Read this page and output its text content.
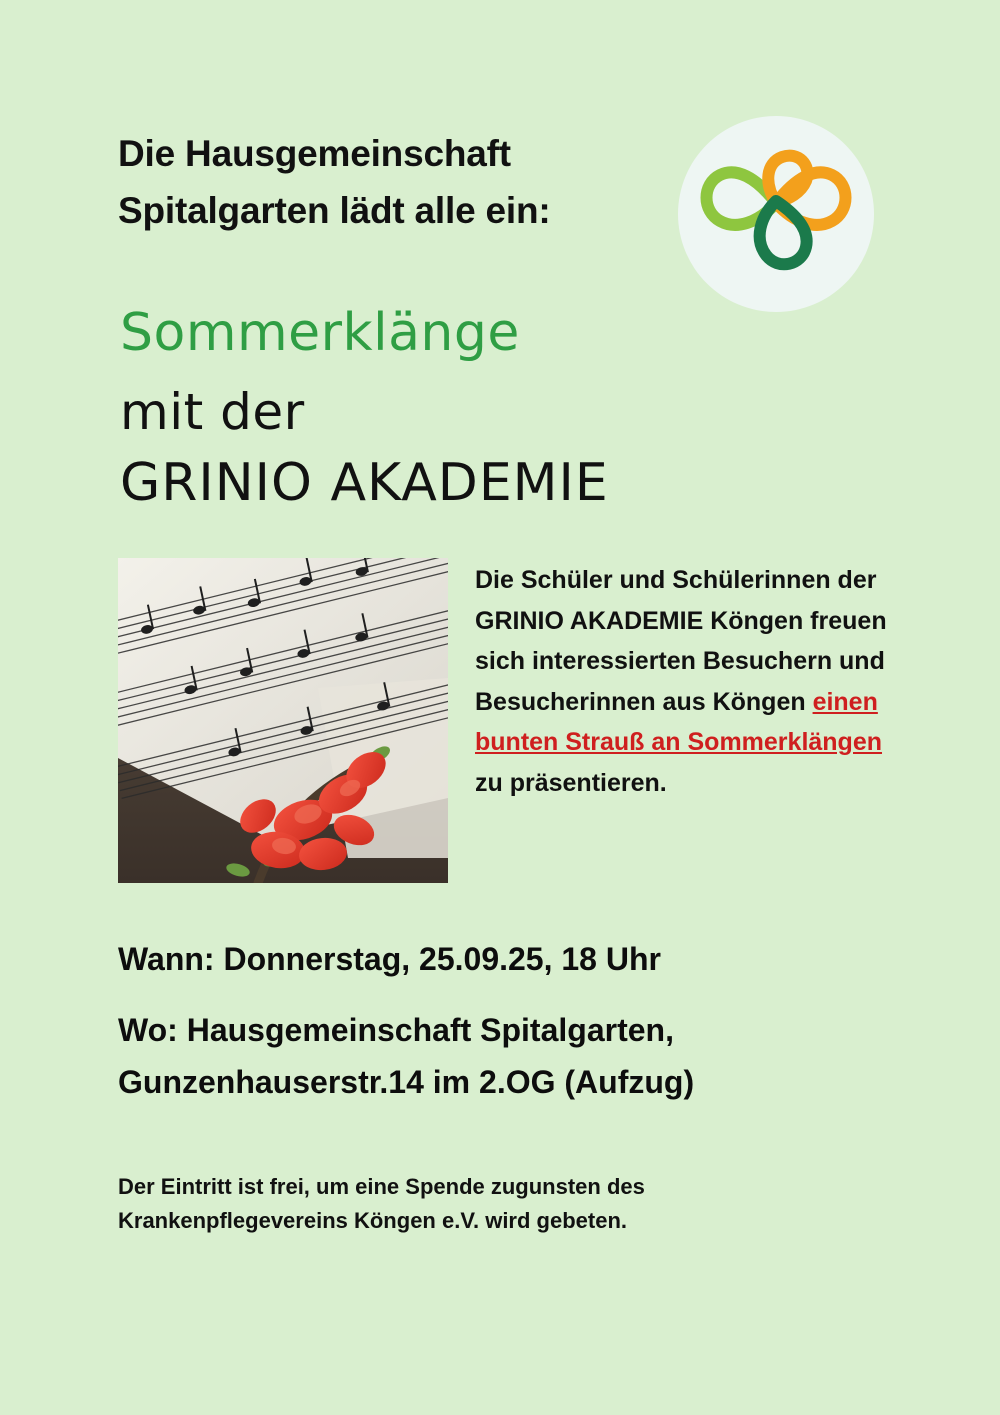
Die Hausgemeinschaft
Spitalgarten lädt alle ein:
Sommerklänge
mit der
GRINIO AKADEMIE
Die Schüler und Schülerinnen der GRINIO AKADEMIE Köngen freuen sich interessierten Besuchern und Besucherinnen aus Köngen einen bunten Strauß an Sommerklängen zu präsentieren.
Wann: Donnerstag, 25.09.25, 18 Uhr
Wo: Hausgemeinschaft Spitalgarten, Gunzenhauserstr.14 im 2.OG (Aufzug)
Der Eintritt ist frei, um eine Spende zugunsten des
Krankenpflegevereins Köngen e.V. wird gebeten.
